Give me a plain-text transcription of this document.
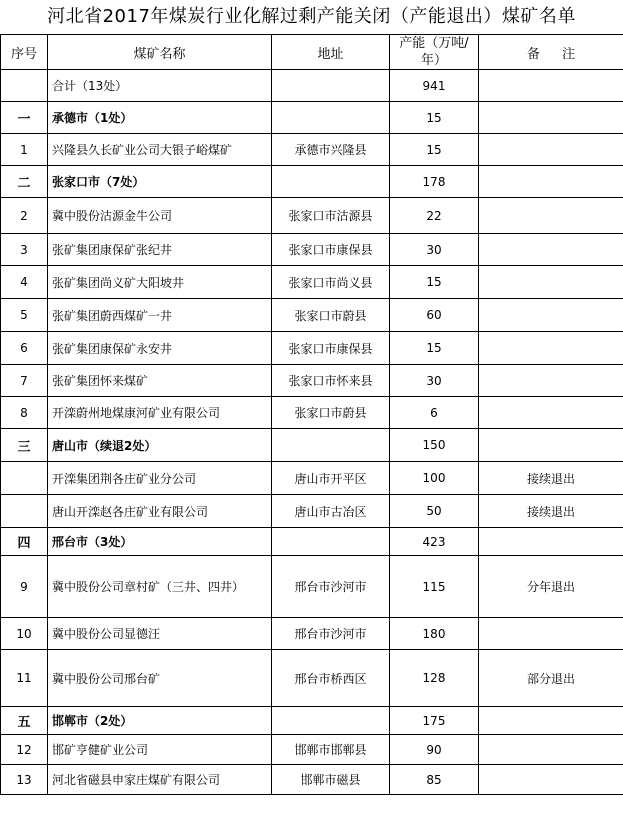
河北省2017年煤炭行业化解过剩产能关闭（产能退出）煤矿名单
序号	煤矿名称	地址	产能（万吨/年）	备注
	合计（13处）		941	
一	承德市（1处）		15	
1	兴隆县久长矿业公司大银子峪煤矿	承德市兴隆县	15	
二	张家口市（7处）		178	
2	冀中股份沽源金牛公司	张家口市沽源县	22	
3	张矿集团康保矿张纪井	张家口市康保县	30	
4	张矿集团尚义矿大阳坡井	张家口市尚义县	15	
5	张矿集团蔚西煤矿一井	张家口市蔚县	60	
6	张矿集团康保矿永安井	张家口市康保县	15	
7	张矿集团怀来煤矿	张家口市怀来县	30	
8	开滦蔚州地煤康河矿业有限公司	张家口市蔚县	6	
三	唐山市（续退2处）		150	
	开滦集团荆各庄矿业分公司	唐山市开平区	100	接续退出
	唐山开滦赵各庄矿业有限公司	唐山市古冶区	50	接续退出
四	邢台市（3处）		423	
9	冀中股份公司章村矿（三井、四井）	邢台市沙河市	115	分年退出
10	冀中股份公司显德汪	邢台市沙河市	180	
11	冀中股份公司邢台矿	邢台市桥西区	128	部分退出
五	邯郸市（2处）		175	
12	邯矿亨健矿业公司	邯郸市邯郸县	90	
13	河北省磁县申家庄煤矿有限公司	邯郸市磁县	85	
